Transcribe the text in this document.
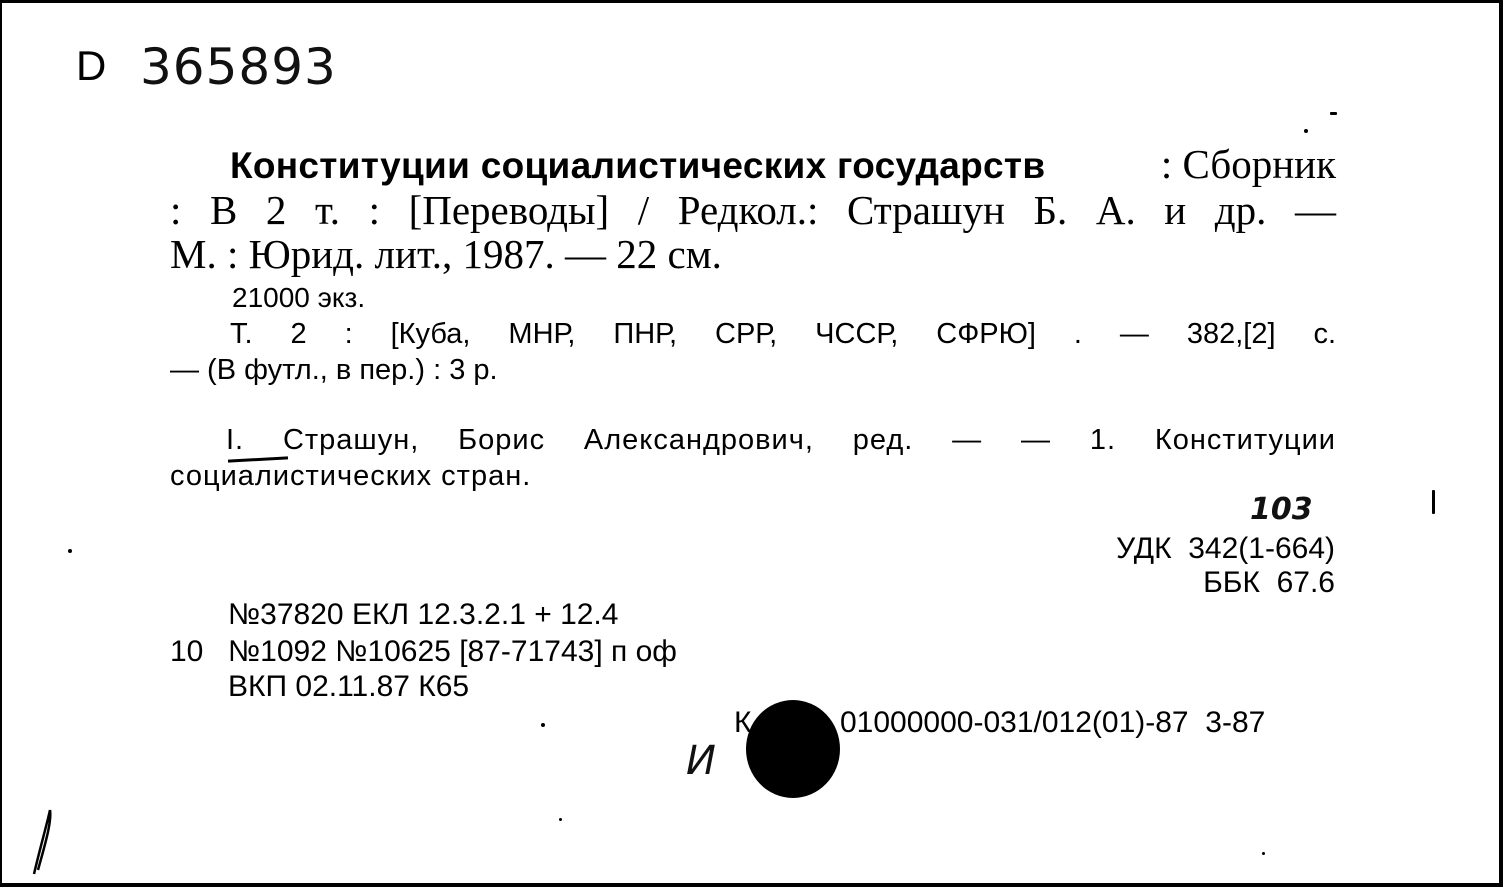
D 365893
Конституции социалистических государств	: Сборник
: В 2 т. : [Переводы] / Редкол.: Страшун Б. А. и др. —
М. : Юрид. лит., 1987. — 22 см.
21000 экз.
Т. 2 : [Куба, МНР, ПНР, СРР, ЧССР, СФРЮ] . — 382,[2] с.
— (В футл., в пер.) : 3 р.
I. Страшун, Борис Александрович, ред. — — 1. Конституции
социалистических стран.
103
УДК  342(1-664)
ББК  67.6
№37820 ЕКЛ 12.3.2.1 + 12.4
10 №1092 №10625 [87-71743] п оф
ВКП 02.11.87 К65
К	01000000-031/012(01)-87  3-87
И
